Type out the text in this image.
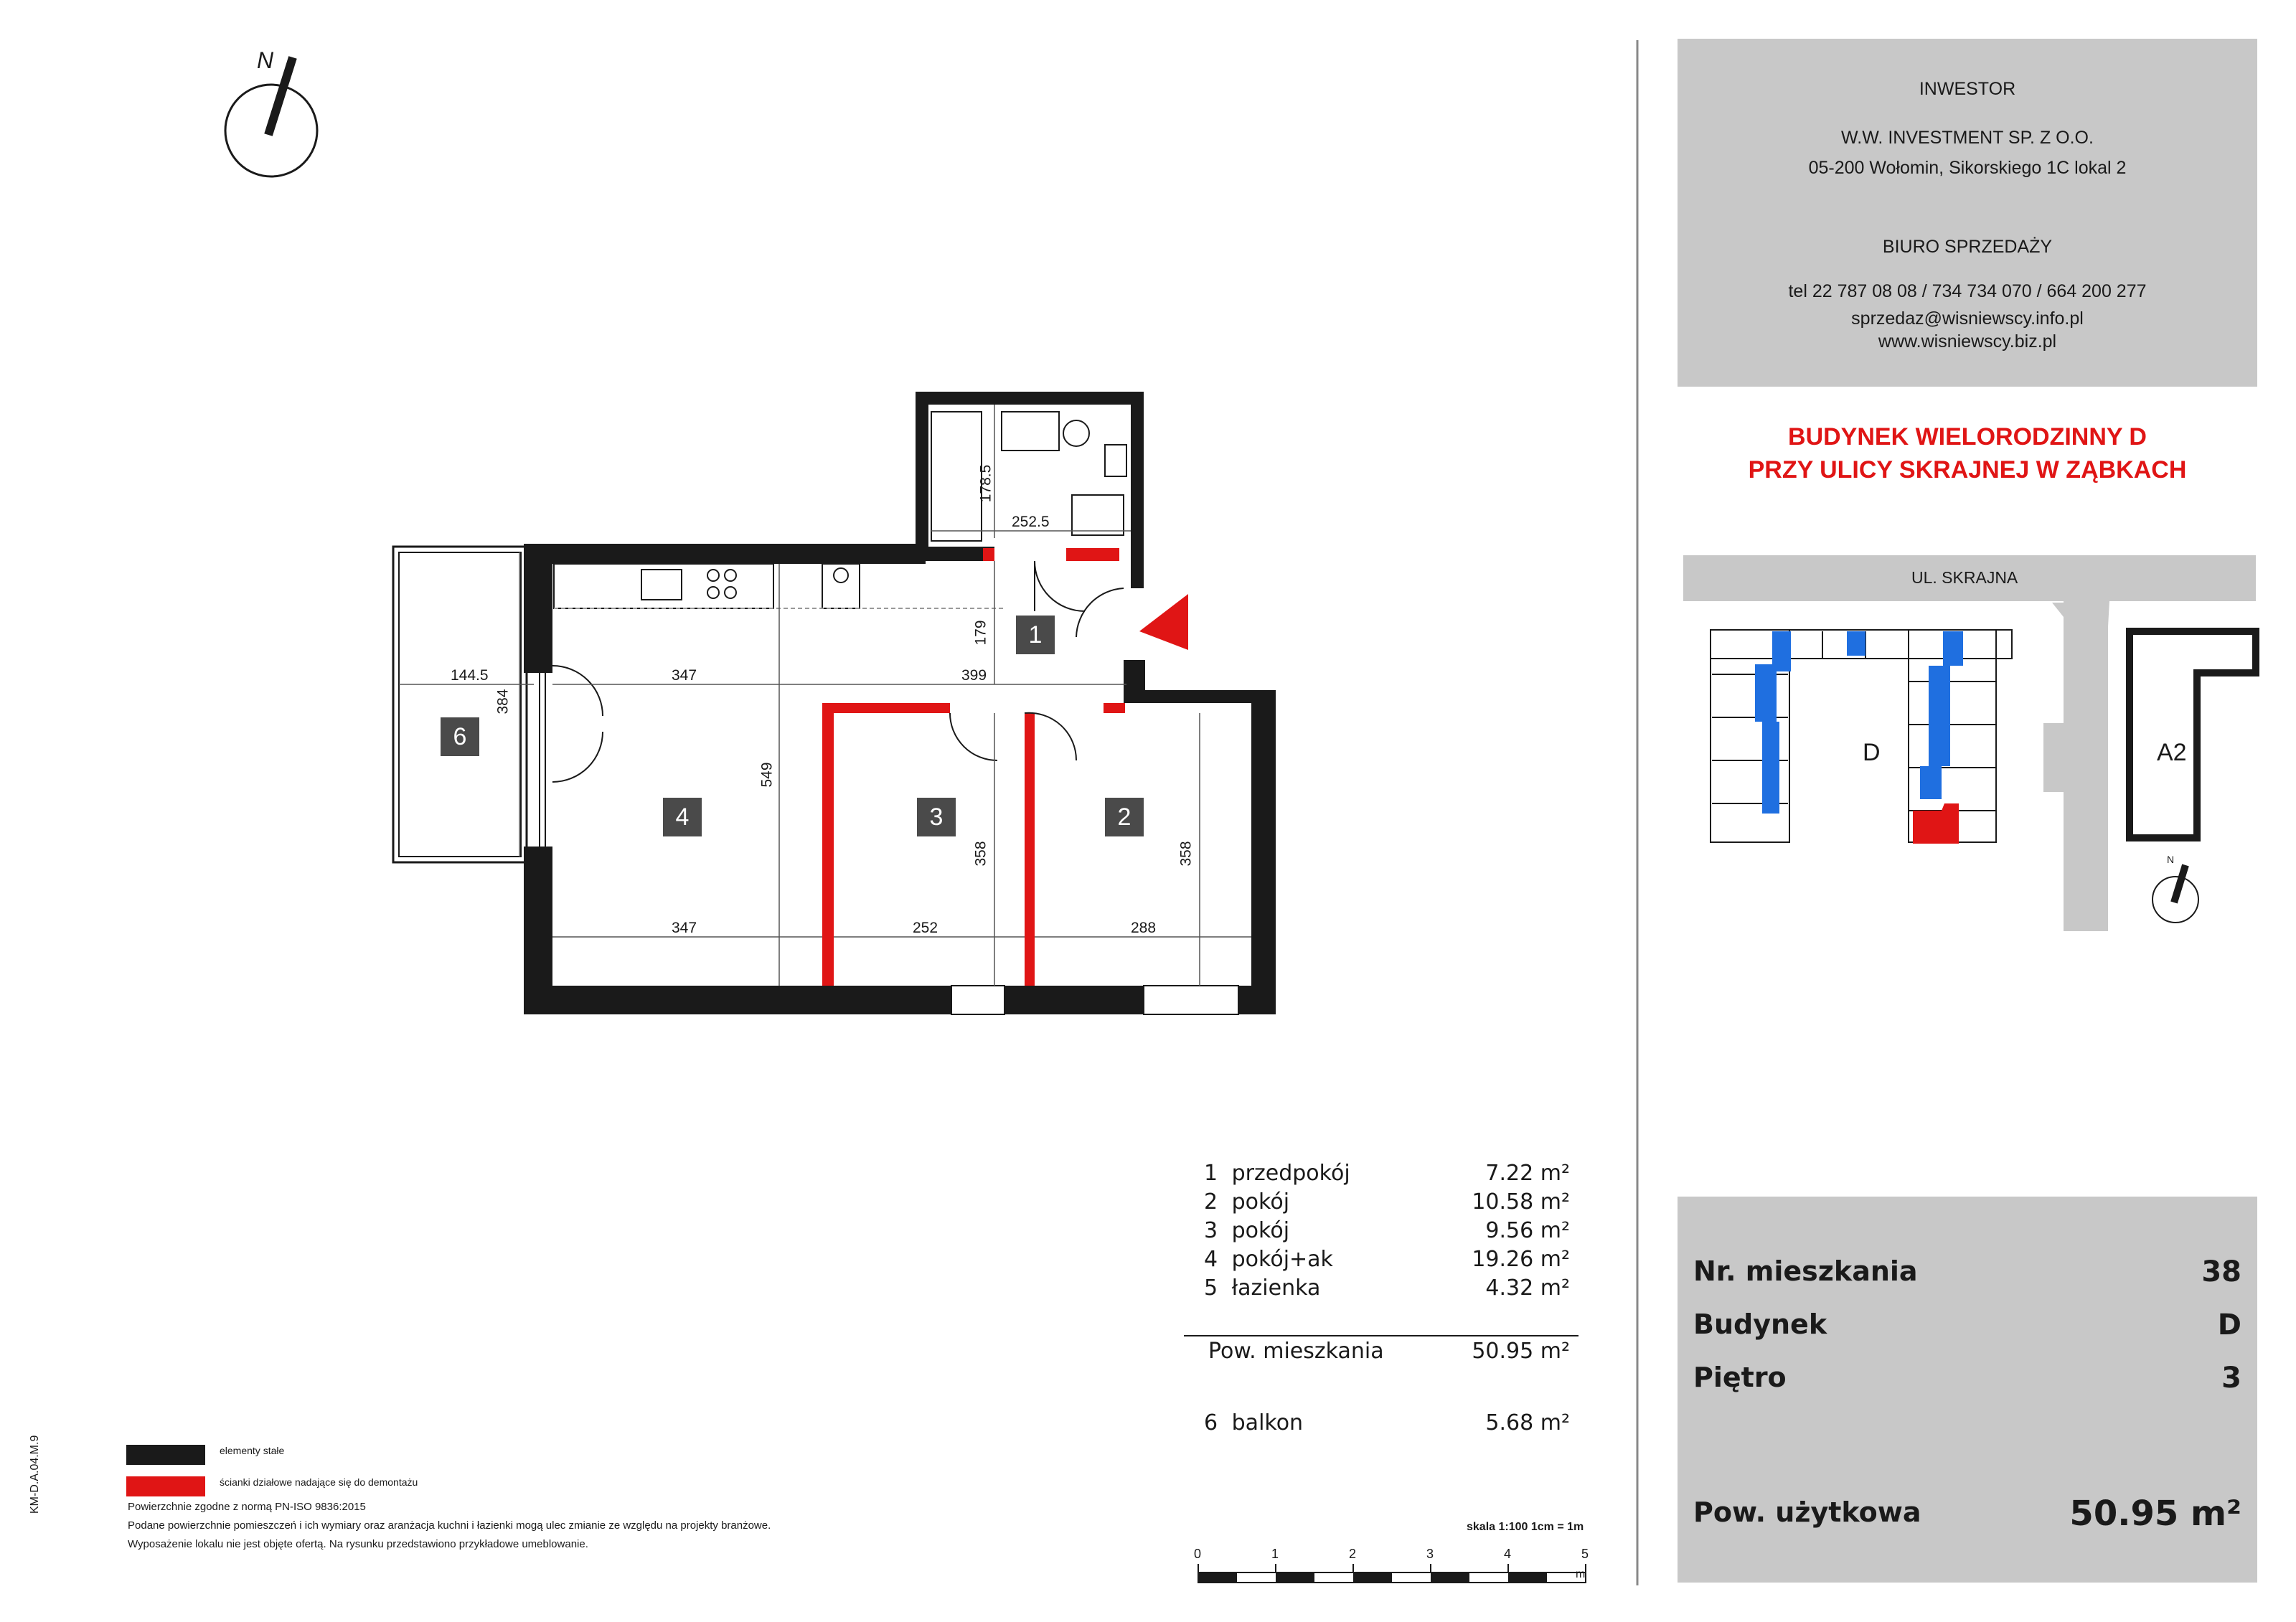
N
INWESTOR
W.W. INVESTMENT SP. Z O.O.
05-200 Wołomin, Sikorskiego 1C lokal 2
BIURO SPRZEDAŻY
tel 22 787 08 08 / 734 734 070 / 664 200 277
sprzedaz@wisniewscy.info.pl
www.wisniewscy.biz.pl
BUDYNEK WIELORODZINNY D
PRZY ULICY SKRAJNEJ W ZĄBKACH
UL. SKRAJNA
D	A2
N
1
2
3
4
6
144.5	347	399
347	252	288
252.5
178.5
179
384
549
358	358
1 przedpokój	7.22 m²
2 pokój	10.58 m²
3 pokój	9.56 m²
4 pokój+ak	19.26 m²
5 łazienka	4.32 m²
Pow. mieszkania	50.95 m²
6 balkon	5.68 m²
Nr. mieszkania	38
Budynek	D
Piętro	3
Pow. użytkowa	50.95 m²
elementy stałe
ścianki działowe nadające się do demontażu
Powierzchnie zgodne z normą PN-ISO 9836:2015
Podane powierzchnie pomieszczeń i ich wymiary oraz aranżacja kuchni i łazienki mogą ulec zmianie ze względu na projekty branżowe.
Wyposażenie lokalu nie jest objęte ofertą. Na rysunku przedstawiono przykładowe umeblowanie.
KM-D.A.04.M.9
skala 1:100 1cm = 1m
0	1	2	3	4	5
m
